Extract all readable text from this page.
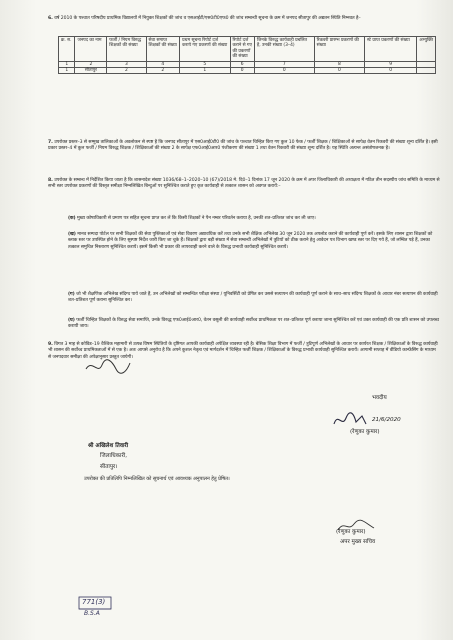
6. वर्ष 2010 के पश्चात परिषदीय प्राथमिक विद्यालयों में नियुक्त शिक्षकों की जांच व एसआईटी/एस0टी0एफ0 की जांच सम्बन्धी सूचना के क्रम में जनपद सीतापुर की अद्यतन स्थिति निम्नवत है–
क्र. स.	जनपद का नाम	फर्जी / नियम विरुद्ध शिक्षकों की संख्या	सेवा समाप्त शिक्षकों की संख्या	प्रथम सूचना रिपोर्ट दर्ज कराये गए प्रकरणों की संख्या	रिपोर्ट दर्ज कराने से गए की प्रकरणों की संख्या	जिनके विरुद्ध कार्यवाही प्रचलित है, उनकी संख्या (3–4)	रिकवरी प्रारम्भ प्रकरणों की संख्या	स्टे प्राप्त प्रकरणों की संख्या	अभ्युक्ति
1	2	3	4	5	6	7	8	9	
1	सीतापुर	2	2	1	0	0	0	0	
7. उपरोक्त प्रस्तर–3 से सम्मुख तालिकाओं के अवलोकन से स्पष्ट है कि जनपद सीतापुर में एस0आई0टी0 की जांच के पश्चात चिन्हित किए गए कुल 10 फेक / फर्जी शिक्षक / शिक्षिकाओं से सापेक्ष वेतन रिकवरी की संख्या शून्य दर्शित है। इसी प्रकार प्रस्तर–4 में कुल फर्जी / नियम विरुद्ध शिक्षक / शिक्षिकाओं की संख्या 2 के सापेक्ष एफ0आई0आर0 पंजीकरण की संख्या 1 तथा वेतन रिकवरी की संख्या शून्य दर्शित है। यह स्थिति अत्यन्त असंतोषजनक है।
8. उपरोक्त के सम्बन्ध में निर्देशित किया जाता है कि शासनादेश संख्या 1036/68–1–2020–10 (67)/2018 मे. दि0–1 दिनांक 17 जून 2020 के क्रम में अपर जिलाधिकारी की अध्यक्षता में गठित तीन सदस्यीय जांच समिति के माध्यम से सभी स्तर उपरोक्त प्रकरणों की विस्तृत समीक्षा निम्नलिखित बिन्दुओं पर सुनिश्चित कराते हुए कृत कार्यवाही से तत्काल शासन को अवगत करायें:–
(क) मुख्य कोषाधिकारी से प्रमाण पत्र सहित सूचना प्राप्त कर लें कि किसी शिक्षकों ने पैन नम्बर परिवर्तन कराया है, उनकी शत–प्रतिशत जांच कर ली जाए।
(ख) मानव सम्पदा पोर्टल पर सभी शिक्षकों की सेवा पुस्तिकाओं एवं सेवा विवरण अद्यावधिक करें तथा उनके सभी शैक्षिक अभिलेख 30 जून 2020 तक अपलोड कराने की कार्यवाही पूर्ण करें। इसके लिए शासन द्वारा शिक्षकों को ब्लाक स्तर पर उपस्थित होने के लिए सुस्पष्ट निर्देश जारी किए जा चुके हैं। शिक्षकों द्वारा बड़ी संख्या में सेवा सम्बन्धी अभिलेखों में त्रुटियों को ठीक कराने हेतु आवेदन पत्र विभाग खण्ड स्तर पर दिए गये हैं, जो लम्बित पड़े हैं, उनका तत्काल समुचित निस्तारण सुनिश्चित करायें। इसमें किसी भी प्रकार की लापरवाही करने वाले के विरुद्ध प्रभावी कार्यवाही सुनिश्चित करायें।
(ग) जो भी शैक्षणिक अभिलेख संदिग्ध पाये जाते हैं, उन अभिलेखों को सम्बन्धित परीक्षा संस्था / यूनिवर्सिटी को प्रेषित कर उससे सत्यापन की कार्यवाही पूर्ण कराने के साथ–साथ संदिग्ध शिक्षकों के आधार नंबर सत्यापन की कार्यवाही शत–प्रतिशत पूर्ण कराना सुनिश्चित कर।
(घ) फर्जी चिन्हित शिक्षकों के विरुद्ध सेवा समाप्ति, उनके विरुद्ध एफ0आई0आर0, वेतन वसूली की कार्यवाही सर्वोच्च प्राथमिकता पर शत–प्रतिशत पूर्ण कराया जाना सुनिश्चित करें एवं उक्त कार्यवाही की एक प्रति शासन को उपलब्ध करायी जाय।
9. विगत 3 माह से कोविड–19 वैश्विक महामारी से उत्पन्न विषम स्थितियों के दृष्टिगत आपकी कार्यवाही अपेक्षित व्यवस्था रही है। बेसिक शिक्षा विभाग में फर्जी / त्रुटिपूर्ण अभिलेखों के आधार पर कार्यरत शिक्षक / शिक्षिकाओं के विरुद्ध कार्यवाही भी शासन की सर्वोच्च प्राथमिकताओं में से एक है। अतः आपसे अनुरोध है कि अपने कुशल नेतृत्व एवं मार्गदर्शन में चिन्हित फर्जी शिक्षक / शिक्षिकाओं के विरुद्ध प्रभावी कार्यवाही सुनिश्चित करायें। आगामी सप्ताह में वीडियो कान्फ्रेंसिंग के माध्यम से जनपदवार समीक्षा की अपेक्षानुसार प्रस्तुत जायेगी।
भवदीय
21/6/2020
(रेणुका कुमार)
श्री अखिलेश तिवारी
जिलाधिकारी,
सीतापुर।
उपरोक्त की प्रतिलिपि निम्नलिखित को सूचनार्थ एवं आवश्यक अनुपालन हेतु प्रेषित।
(रेणुका कुमार)
अपर मुख्य सचिव
771(3)
B.S.A
